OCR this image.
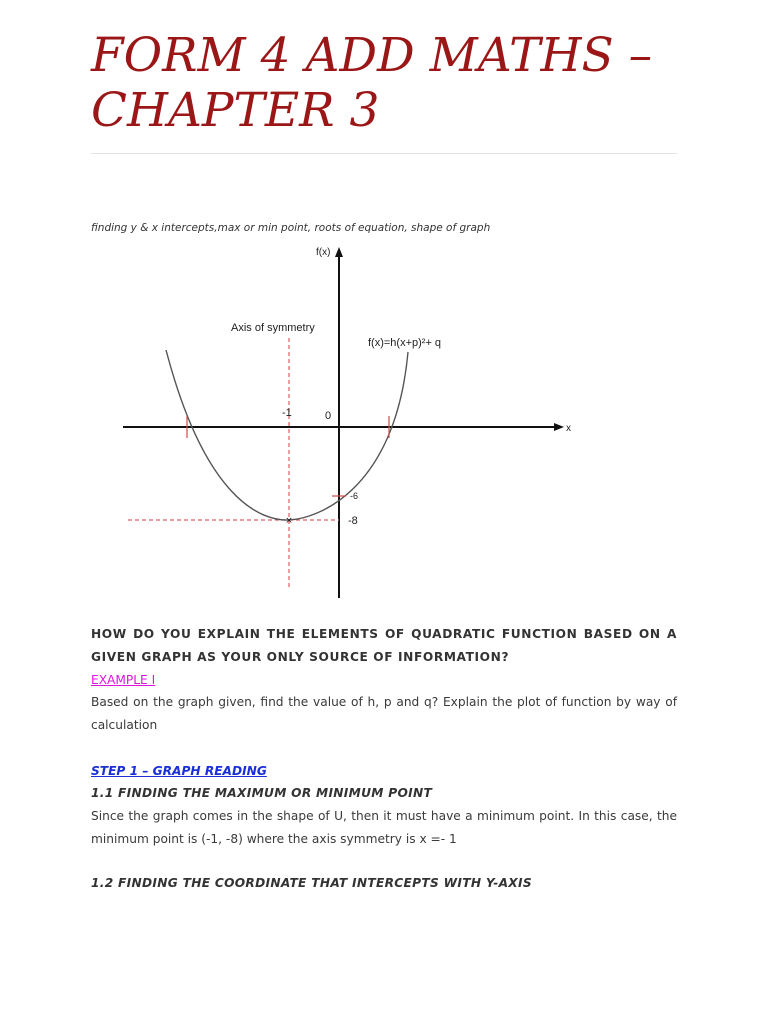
FORM 4 ADD MATHS – CHAPTER 3
finding y & x intercepts,max or min point, roots of equation, shape of graph
HOW DO YOU EXPLAIN THE ELEMENTS OF QUADRATIC FUNCTION BASED ON A GIVEN GRAPH AS YOUR ONLY SOURCE OF INFORMATION?
EXAMPLE I
Based on the graph given, find the value of h, p and q? Explain the plot of function by way of calculation
STEP 1 – GRAPH READING
1.1 FINDING THE MAXIMUM OR MINIMUM POINT
Since the graph comes in the shape of U, then it must have a minimum point. In this case, the minimum point is (-1, -8) where the axis symmetry is x =- 1
1.2 FINDING THE COORDINATE THAT INTERCEPTS WITH Y-AXIS
×
f(x)
x
Axis of symmetry
f(x)=h(x+p)²+ q
-1	0
-6
-8
